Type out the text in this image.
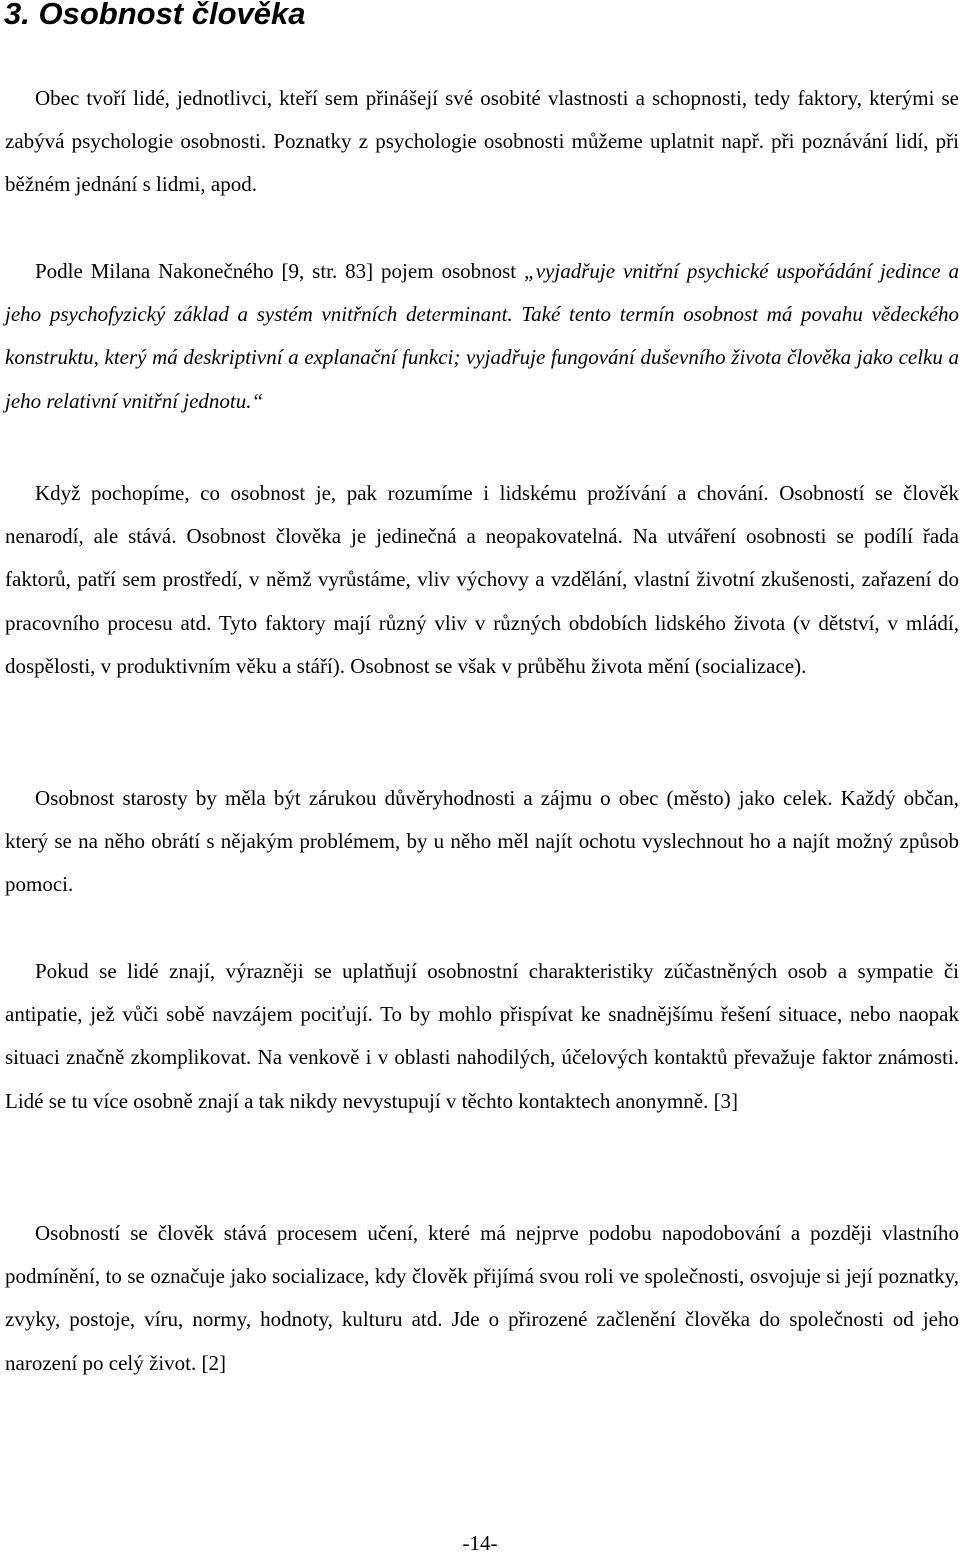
3. Osobnost člověka

Obec tvoří lidé, jednotlivci, kteří sem přinášejí své osobité vlastnosti a schopnosti, tedy faktory, kterými se zabývá psychologie osobnosti. Poznatky z psychologie osobnosti můžeme uplatnit např. při poznávání lidí, při běžném jednání s lidmi, apod.

Podle Milana Nakonečného [9, str. 83] pojem osobnost „vyjadřuje vnitřní psychické uspořádání jedince a jeho psychofyzický základ a systém vnitřních determinant. Také tento termín osobnost má povahu vědeckého konstruktu, který má deskriptivní a explanační funkci; vyjadřuje fungování duševního života člověka jako celku a jeho relativní vnitřní jednotu.“

Když pochopíme, co osobnost je, pak rozumíme i lidskému prožívání a chování. Osobností se člověk nenarodí, ale stává. Osobnost člověka je jedinečná a neopakovatelná. Na utváření osobnosti se podílí řada faktorů, patří sem prostředí, v němž vyrůstáme, vliv výchovy a vzdělání, vlastní životní zkušenosti, zařazení do pracovního procesu atd. Tyto faktory mají různý vliv v různých obdobích lidského života (v dětství, v mládí, dospělosti, v produktivním věku a stáří). Osobnost se však v průběhu života mění (socializace).

Osobnost starosty by měla být zárukou důvěryhodnosti a zájmu o obec (město) jako celek. Každý občan, který se na něho obrátí s nějakým problémem, by u něho měl najít ochotu vyslechnout ho a najít možný způsob pomoci.

Pokud se lidé znají, výrazněji se uplatňují osobnostní charakteristiky zúčastněných osob a sympatie či antipatie, jež vůči sobě navzájem pociťují. To by mohlo přispívat ke snadnějšímu řešení situace, nebo naopak situaci značně zkomplikovat. Na venkově i v oblasti nahodilých, účelových kontaktů převažuje faktor známosti. Lidé se tu více osobně znají a tak nikdy nevystupují v těchto kontaktech anonymně. [3]

Osobností se člověk stává procesem učení, které má nejprve podobu napodobování a později vlastního podmínění, to se označuje jako socializace, kdy člověk přijímá svou roli ve společnosti, osvojuje si její poznatky, zvyky, postoje, víru, normy, hodnoty, kulturu atd. Jde o přirozené začlenění člověka do společnosti od jeho narození po celý život. [2]

-14-
